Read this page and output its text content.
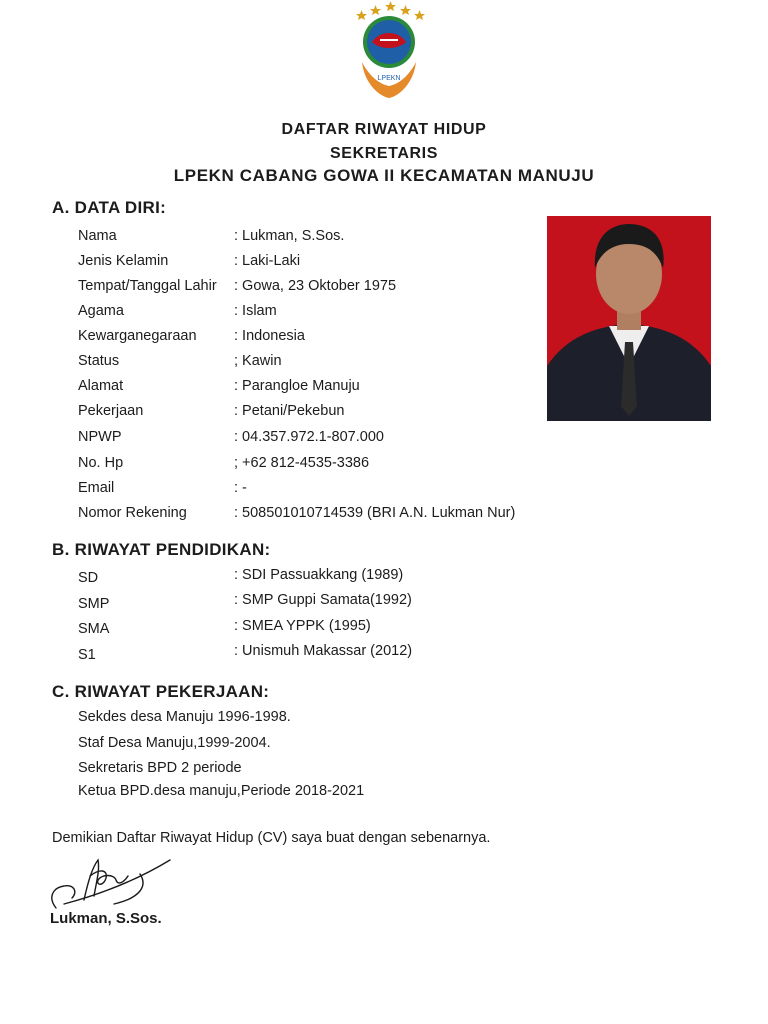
LPEKN
DAFTAR RIWAYAT HIDUP
SEKRETARIS
LPEKN CABANG GOWA II KECAMATAN MANUJU
A. DATA DIRI:
Nama	: Lukman, S.Sos.
Jenis Kelamin	: Laki-Laki
Tempat/Tanggal Lahir : Gowa, 23 Oktober 1975
Agama	: Islam
Kewarganegaraan	: Indonesia
Status	; Kawin
Alamat	: Parangloe Manuju
Pekerjaan	: Petani/Pekebun
NPWP	: 04.357.972.1-807.000
No. Hp	; +62 812-4535-3386
Email	: -
Nomor Rekening	: 508501010714539 (BRI A.N. Lukman Nur)
B. RIWAYAT PENDIDIKAN:
SD	: SDI Passuakkang (1989)
SMP	: SMP Guppi Samata(1992)
SMA	: SMEA YPPK (1995)
S1	: Unismuh Makassar (2012)
C. RIWAYAT PEKERJAAN:
Sekdes desa Manuju 1996-1998.
Staf Desa Manuju,1999-2004.
Sekretaris BPD 2 periode
Ketua BPD.desa manuju,Periode 2018-2021
Demikian Daftar Riwayat Hidup (CV) saya buat dengan sebenarnya.
Lukman, S.Sos.
